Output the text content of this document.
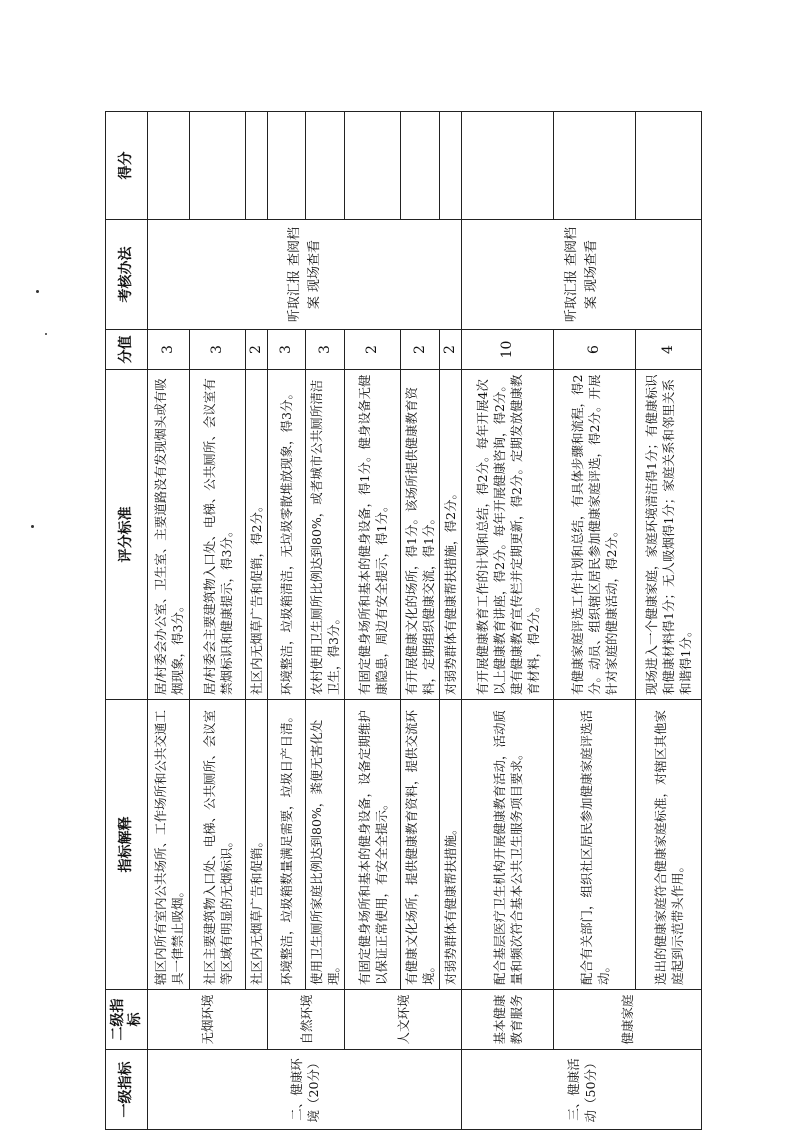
一级指标	二级指标	指标解释	评分标准	分值	考核办法	得分
二、健康环境（20分）	无烟环境	辖区内所有室内公共场所、工作场所和公共交通工具一律禁止吸烟。	居/村委会办公室、卫生室、主要道路没有发现烟头或有吸烟现象，得3分。	3	听取汇报 查阅档案 现场查看	
		社区主要建筑物入口处、电梯、公共厕所、会议室等区域有明显的无烟标识。	居/村委会主要建筑物入口处、电梯、公共厕所、会议室有禁烟标识和健康提示，得3分。	3		
		社区内无烟草广告和促销。	社区内无烟草广告和促销，得2分。	2		
	自然环境	环境整洁，垃圾箱数量满足需要，垃圾日产日清。	环境整洁，垃圾箱清洁，无垃圾零散堆放现象，得3分。	3		
		使用卫生厕所家庭比例达到80%，粪便无害化处理。	农村使用卫生厕所比例达到80%，或者城市公共厕所清洁卫生，得3分。	3		
	人文环境	有固定健身场所和基本的健身设备，设备定期维护以保证正常使用，有安全全提示。	有固定健身场所和基本的健身设备，得1分。健身设备无健康隐患，周边有安全提示，得1分。	2		
		有健康文化场所，提供健康教育资料，提供交流环境。	有开展健康文化的场所，得1分。该场所提供健康教育资料，定期组织健康交流，得1分。	2		
		对弱势群体有健康帮扶措施。	对弱势群体有健康帮扶措施，得2分。	2		
三、健康活动（50分）	基本健康教育服务	配合基层医疗卫生机构开展健康教育活动，活动质量和频次符合基本公共卫生服务项目要求。	有开展健康教育工作的计划和总结，得2分。每年开展4次以上健康教育讲座，得2分。每年开展健康咨询，得2分。建有健康教育宣传栏并定期更新，得2分。定期发放健康教育材料，得2分。	10	听取汇报 查阅档案 现场查看	
	健康家庭	配合有关部门，组织社区居民参加健康家庭评选活动。	有健康家庭评选工作计划和总结，有具体步骤和流程，得2分。动员、组织辖区居民参加健康家庭评选，得2分。开展针对家庭的健康活动，得2分。	6		
		选出的健康家庭符合健康家庭标准，对辖区其他家庭起到示范带头作用。	现场进入一个健康家庭，家庭环境清洁得1分；有健康标识和健康材料得1分；无人吸烟得1分；家庭关系和邻里关系和谐得1分。	4		
